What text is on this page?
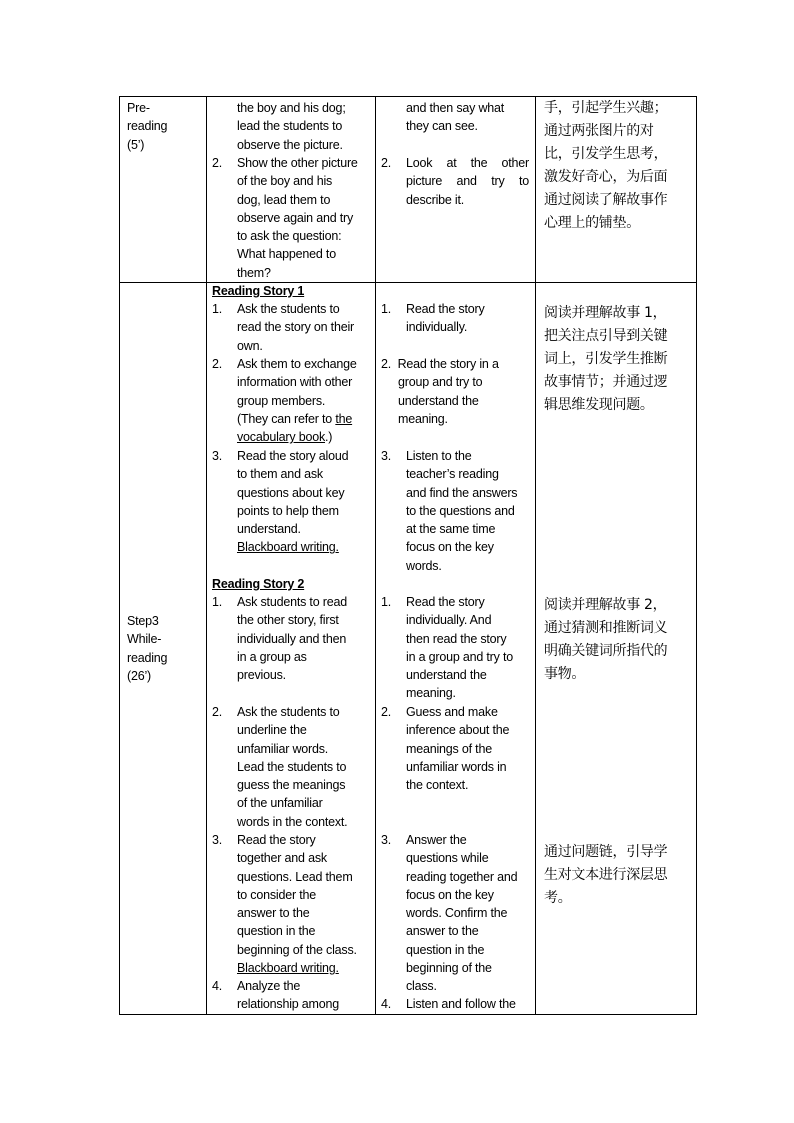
Pre-
reading
(5’)
the boy and his dog;
lead the students to
observe the picture.
2. Show the other picture
of the boy and his
dog, lead them to
observe again and try
to ask the question:
What happened to
them?
and then say what
they can see.
2. Look at the other
picture and try to
describe it.
手，引起学生兴趣；
通过两张图片的对
比，引发学生思考，
激发好奇心，为后面
通过阅读了解故事作
心理上的铺垫。
Step3
While-
reading
(26’)
Reading Story 1
1. Ask the students to
read the story on their
own.
2. Ask them to exchange
information with other
group members.
(They can refer to the
vocabulary book.)
3. Read the story aloud
to them and ask
questions about key
points to help them
understand.
Blackboard writing.
Reading Story 2
1. Ask students to read
the other story, first
individually and then
in a group as
previous.
2. Ask the students to
underline the
unfamiliar words.
Lead the students to
guess the meanings
of the unfamiliar
words in the context.
3. Read the story
together and ask
questions. Lead them
to consider the
answer to the
question in the
beginning of the class.
Blackboard writing.
4. Analyze the
relationship among
1. Read the story
individually.
2. Read the story in a
group and try to
understand the
meaning.
3. Listen to the
teacher’s reading
and find the answers
to the questions and
at the same time
focus on the key
words.
1. Read the story
individually. And
then read the story
in a group and try to
understand the
meaning.
2. Guess and make
inference about the
meanings of the
unfamiliar words in
the context.
3. Answer the
questions while
reading together and
focus on the key
words. Confirm the
answer to the
question in the
beginning of the
class.
4. Listen and follow the
阅读并理解故事 1，
把关注点引导到关键
词上，引发学生推断
故事情节；并通过逻
辑思维发现问题。
阅读并理解故事 2，
通过猜测和推断词义
明确关键词所指代的
事物。
通过问题链，引导学
生对文本进行深层思
考。
